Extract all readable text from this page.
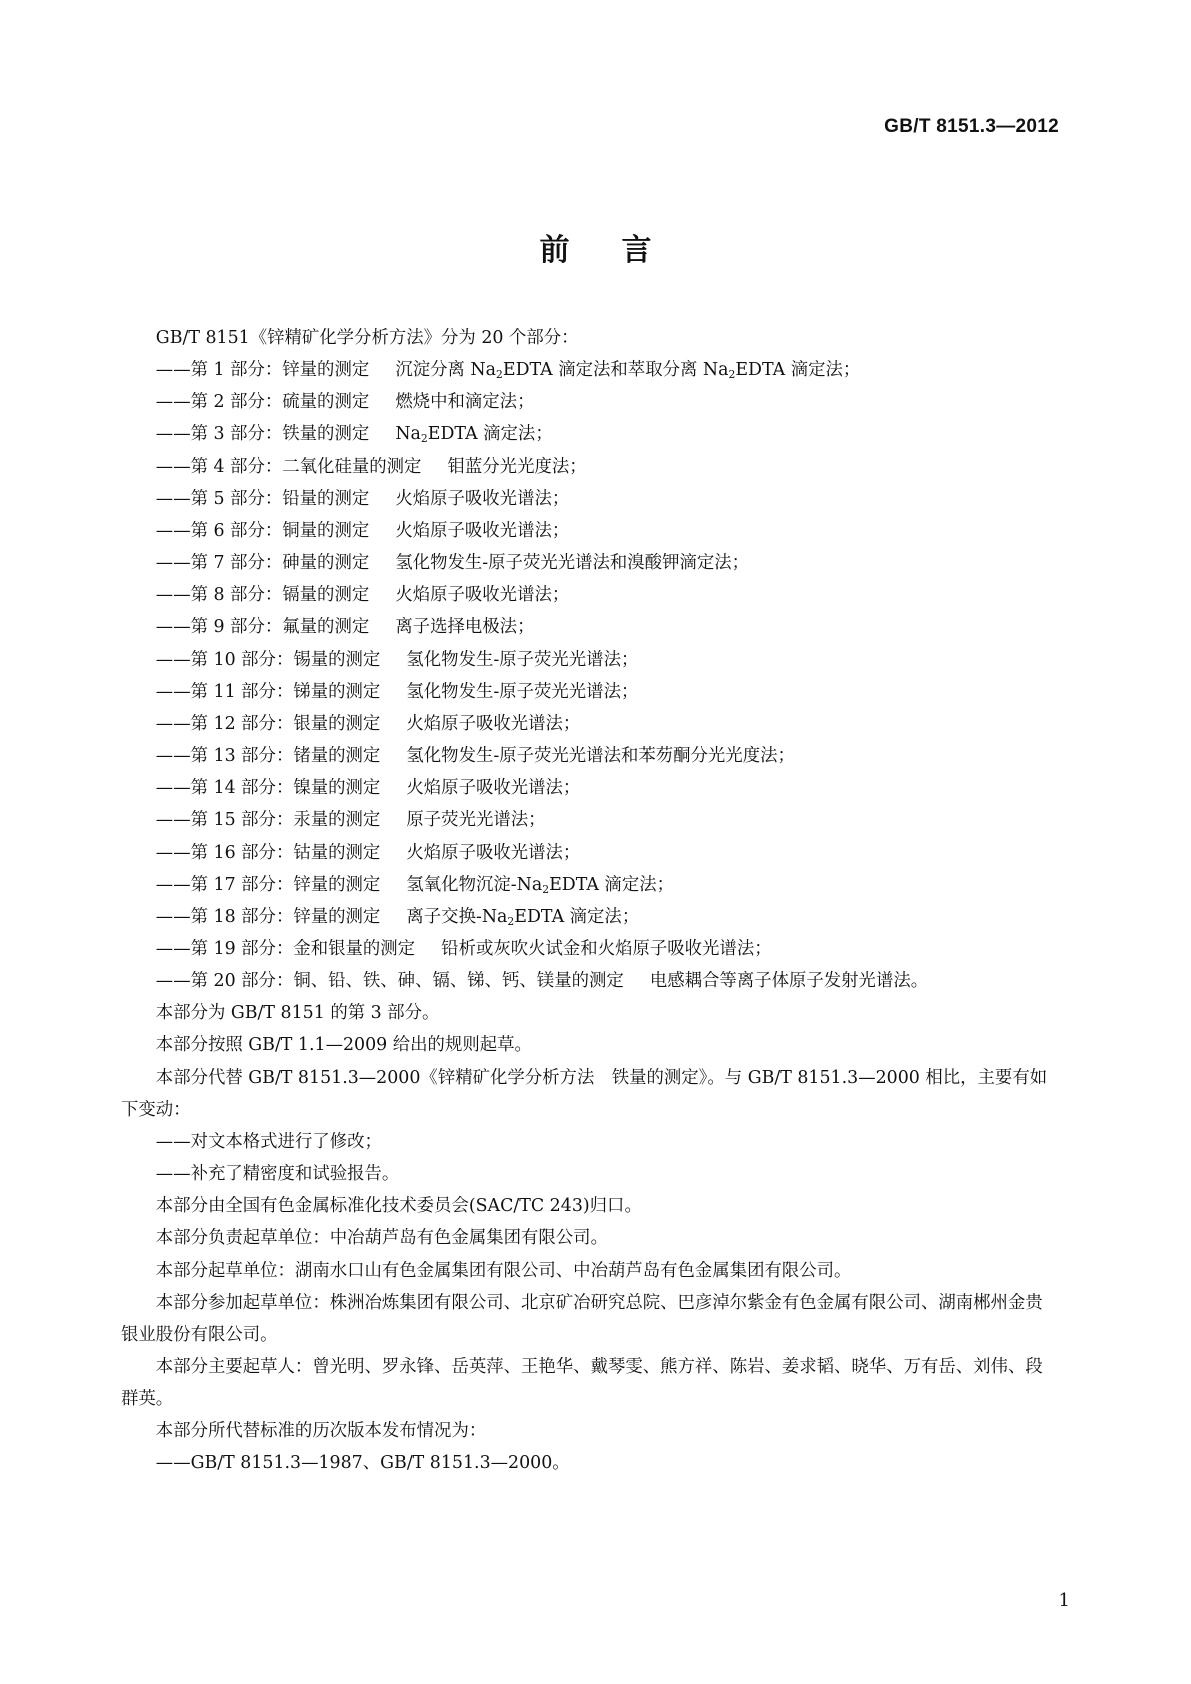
GB/T 8151.3—2012
前言

GB/T 8151《锌精矿化学分析方法》分为 20 个部分：

——第 1 部分：锌量的测定　  沉淀分离 $Na_2EDTA$ 滴定法和萃取分离 $Na_2EDTA$ 滴定法；
——第 2 部分：硫量的测定　  燃烧中和滴定法；
——第 3 部分：铁量的测定　  $Na_2EDTA$ 滴定法；
——第 4 部分：二氧化硅量的测定　  钼蓝分光光度法；
——第 5 部分：铅量的测定　  火焰原子吸收光谱法；
——第 6 部分：铜量的测定　  火焰原子吸收光谱法；
——第 7 部分：砷量的测定　  氢化物发生-原子荧光光谱法和溴酸钾滴定法；
——第 8 部分：镉量的测定　  火焰原子吸收光谱法；
——第 9 部分：氟量的测定　  离子选择电极法；
——第 10 部分：锡量的测定　  氢化物发生-原子荧光光谱法；
——第 11 部分：锑量的测定　  氢化物发生-原子荧光光谱法；
——第 12 部分：银量的测定　  火焰原子吸收光谱法；
——第 13 部分：锗量的测定　  氢化物发生-原子荧光光谱法和苯芴酮分光光度法；
——第 14 部分：镍量的测定　  火焰原子吸收光谱法；
——第 15 部分：汞量的测定　  原子荧光光谱法；
——第 16 部分：钴量的测定　  火焰原子吸收光谱法；
——第 17 部分：锌量的测定　  氢氧化物沉淀$-Na_2EDTA$ 滴定法；
——第 18 部分：锌量的测定　  离子交换$-Na_2EDTA$ 滴定法；
——第 19 部分：金和银量的测定　  铅析或灰吹火试金和火焰原子吸收光谱法；
——第 20 部分：铜、铅、铁、砷、镉、锑、钙、镁量的测定　  电感耦合等离子体原子发射光谱法。

本部分为 GB/T 8151 的第 3 部分。

本部分按照 GB/T 1.1—2009 给出的规则起草。

本部分代替 GB/T 8151.3—2000《锌精矿化学分析方法　铁量的测定》。与 GB/T 8151.3—2000 相比，主要有如下变动：

——对文本格式进行了修改；
——补充了精密度和试验报告。

本部分由全国有色金属标准化技术委员会(SAC/TC 243)归口。

本部分负责起草单位：中冶葫芦岛有色金属集团有限公司。

本部分起草单位：湖南水口山有色金属集团有限公司、中冶葫芦岛有色金属集团有限公司。

本部分参加起草单位：株洲冶炼集团有限公司、北京矿冶研究总院、巴彦淖尔紫金有色金属有限公司、湖南郴州金贵银业股份有限公司。

本部分主要起草人：曾光明、罗永锋、岳英萍、王艳华、戴琴雯、熊方祥、陈岩、姜求韬、晓华、万有岳、刘伟、段群英。

本部分所代替标准的历次版本发布情况为：

——GB/T 8151.3—1987、GB/T 8151.3—2000。
1
